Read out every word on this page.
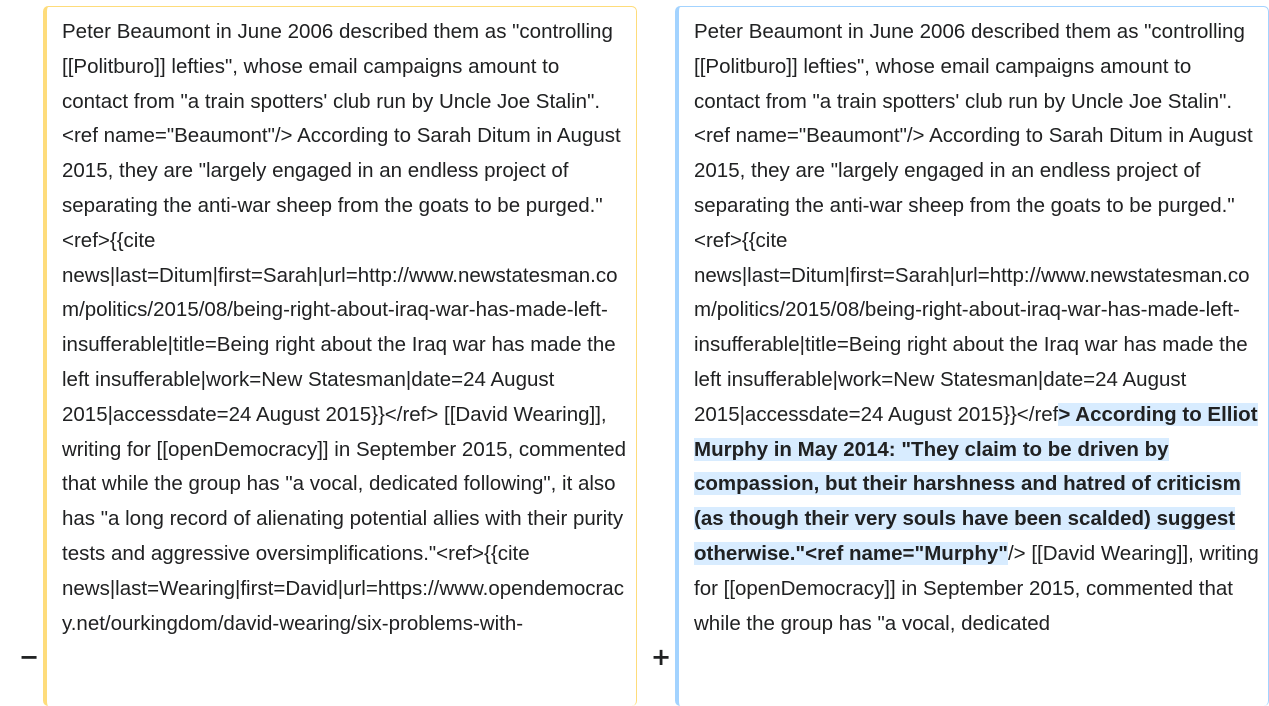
−
Peter Beaumont in June 2006 described them as "controlling [[Politburo]] lefties", whose email campaigns amount to contact from "a train spotters' club run by Uncle Joe Stalin".<ref name="Beaumont"/> According to Sarah Ditum in August 2015, they are "largely engaged in an endless project of separating the anti-war sheep from the goats to be purged."<ref>{{cite news|last=Ditum|first=Sarah|url=http://www.newstatesman.com/politics/2015/08/being-right-about-iraq-war-has-made-left-insufferable|title=Being right about the Iraq war has made the left insufferable|work=New Statesman|date=24 August 2015|accessdate=24 August 2015}}</ref> [[David Wearing]], writing for [[openDemocracy]] in September 2015, commented that while the group has "a vocal, dedicated following", it also has "a long record of alienating potential allies with their purity tests and aggressive oversimplifications."<ref>{{cite news|last=Wearing|first=David|url=https://www.opendemocracy.net/ourkingdom/david-wearing/six-problems-with-
+
Peter Beaumont in June 2006 described them as "controlling [[Politburo]] lefties", whose email campaigns amount to contact from "a train spotters' club run by Uncle Joe Stalin".<ref name="Beaumont"/> According to Sarah Ditum in August 2015, they are "largely engaged in an endless project of separating the anti-war sheep from the goats to be purged."<ref>{{cite news|last=Ditum|first=Sarah|url=http://www.newstatesman.com/politics/2015/08/being-right-about-iraq-war-has-made-left-insufferable|title=Being right about the Iraq war has made the left insufferable|work=New Statesman|date=24 August 2015|accessdate=24 August 2015}}</ref> According to Elliot Murphy in May 2014: "They claim to be driven by compassion, but their harshness and hatred of criticism (as though their very souls have been scalded) suggest otherwise."<ref name="Murphy"/> [[David Wearing]], writing for [[openDemocracy]] in September 2015, commented that while the group has "a vocal, dedicated
